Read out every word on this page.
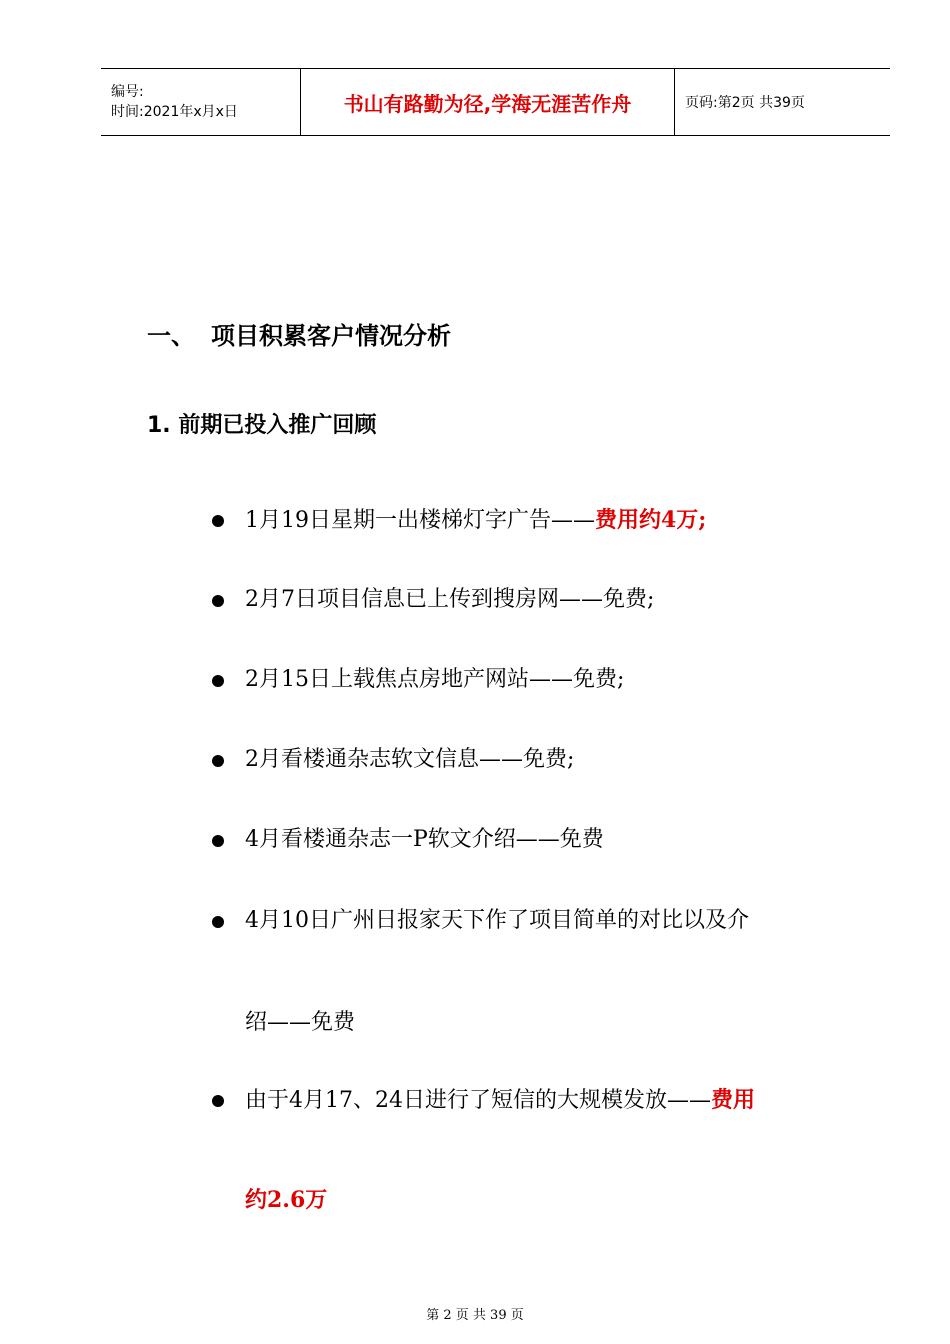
编号:
时间:2021年x月x日	书山有路勤为径,学海无涯苦作舟	页码:第2页 共39页
一、 项目积累客户情况分析
1. 前期已投入推广回顾
1月19日星期一出楼梯灯字广告——费用约4万;
2月7日项目信息已上传到搜房网——免费;
2月15日上载焦点房地产网站——免费;
2月看楼通杂志软文信息——免费;
4月看楼通杂志一P软文介绍——免费
4月10日广州日报家天下作了项目简单的对比以及介
绍——免费
由于4月17、24日进行了短信的大规模发放——费用
约2.6万
第 2 页 共 39 页
